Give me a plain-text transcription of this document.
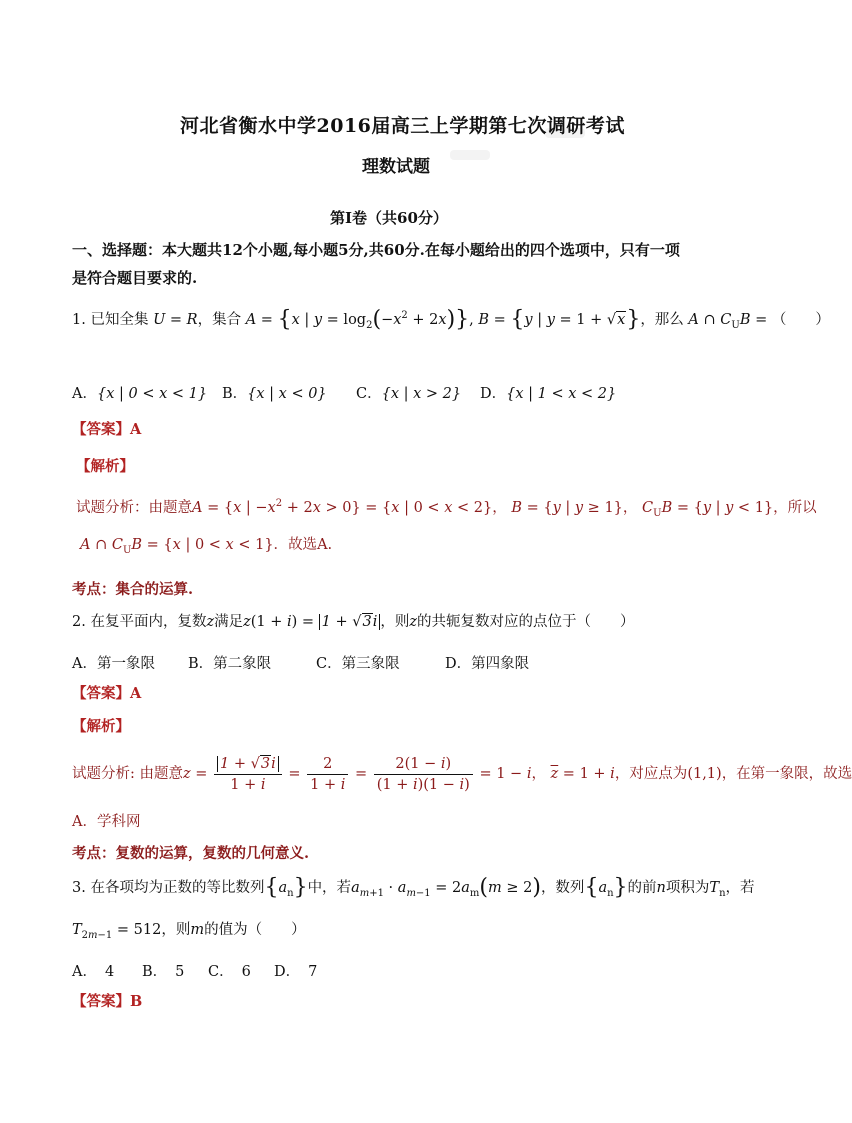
河北省衡水中学2016届高三上学期第七次调研考试
理数试题
第Ⅰ卷（共60分）
一、选择题：本大题共12个小题,每小题5分,共60分.在每小题给出的四个选项中，只有一项
是符合题目要求的.
1. 已知全集 U = R，集合 A = {x | $y = \log_2(-x^2 + 2x)$}, B = {y | y = 1 + √x}，那么 A ∩ $C_UB$ = （　　）
A．{x | 0 < x < 1} B．{x | x < 0} C．{x | x > 2} D．{x | 1 < x < 2}
【答案】A
【解析】
试题分析：由题意A = {x | $-x^2 + 2x > 0\} = \{x$ | 0 < x < 2}， B = {y | y ≥ 1}， $C_UB = \{y$ | y < 1}，所以
A ∩ $C_UB = \{x$ | 0 < x < 1}．故选A.
考点：集合的运算.
2. 在复平面内，复数z满足z(1 + i) = 1 + √3i ，则z的共轭复数对应的点位于（　　）
A．第一象限 B．第二象限	C．第三象限	D．第四象限
【答案】A
【解析】
试题分析: 由题意$z = \frac{1 + √3i}{1 + i} = \frac{2}{1 + i} = \frac{2(1 - i)}{(1 + i)(1 - i)} = 1 - i$， $\overline{z} = 1 + i$，对应点为(1,1)，在第一象限，故选
A．学科网
考点：复数的运算，复数的几何意义.
3. 在各项均为正数的等比数列$\{a_n\}$中，若$a_{m+1} \cdot a_{m-1} = 2a_m(m \ge 2)$，数列$\{a_n\}$的前n项积为$T_n$，若
$T_{2m-1} = 512$，则m的值为（　　）
A． 4 B． 5 C． 6 D． 7
【答案】B
